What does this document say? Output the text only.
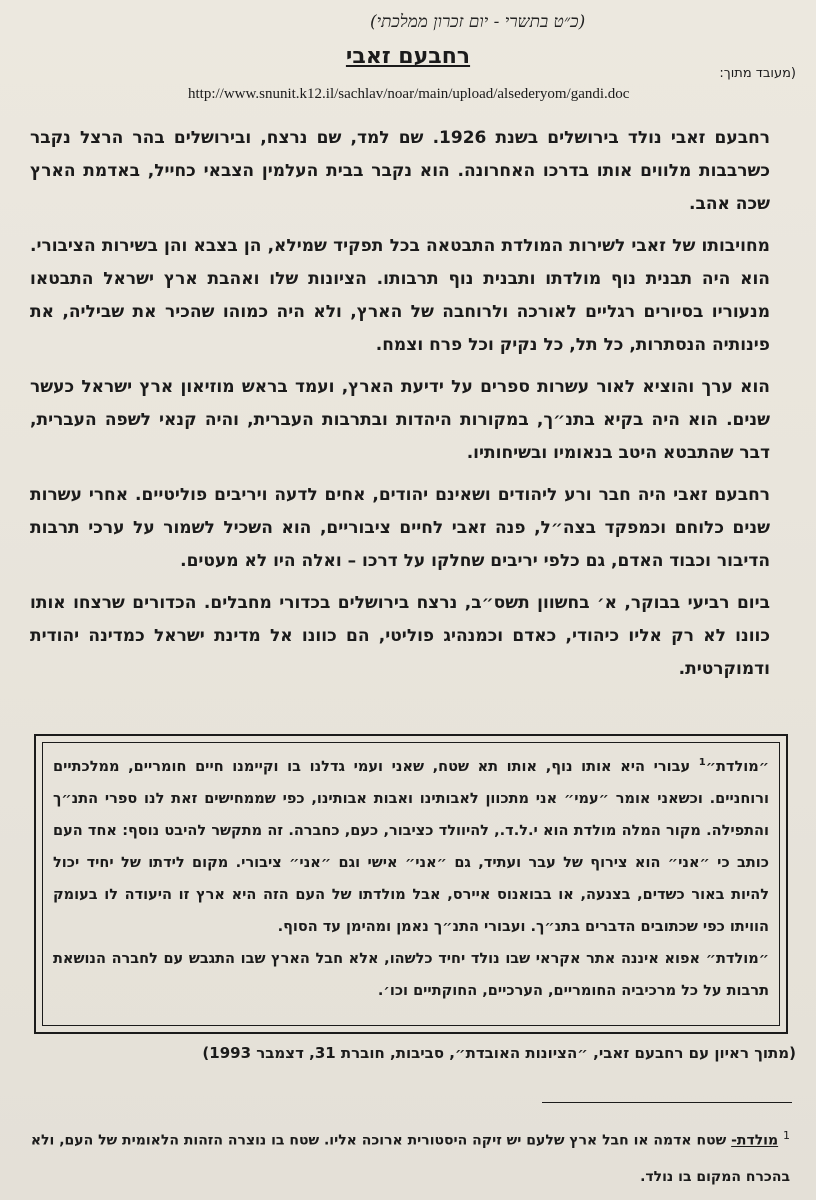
(כ״ט בתשרי - יום זכרון ממלכתי)
רחבעם זאבי
(מעובד מתוך:
http://www.snunit.k12.il/sachlav/noar/main/upload/alsederyom/gandi.doc

רחבעם זאבי נולד בירושלים בשנת 1926. שם למד, שם נרצח, ובירושלים בהר הרצל נקבר כשרבבות מלווים אותו בדרכו האחרונה. הוא נקבר בבית העלמין הצבאי כחייל, באדמת הארץ שכה אהב.

מחויבותו של זאבי לשירות המולדת התבטאה בכל תפקיד שמילא, הן בצבא והן בשירות הציבורי. הוא היה תבנית נוף מולדתו ותבנית נוף תרבותו. הציונות שלו ואהבת ארץ ישראל התבטאו מנעוריו בסיורים רגליים לאורכה ולרוחבה של הארץ, ולא היה כמוהו שהכיר את שביליה, את פינותיה הנסתרות, כל תל, כל נקיק וכל פרח וצמח.

הוא ערך והוציא לאור עשרות ספרים על ידיעת הארץ, ועמד בראש מוזיאון ארץ ישראל כעשר שנים. הוא היה בקיא בתנ״ך, במקורות היהדות ובתרבות העברית, והיה קנאי לשפה העברית, דבר שהתבטא היטב בנאומיו ובשיחותיו.

רחבעם זאבי היה חבר ורע ליהודים ושאינם יהודים, אחים לדעה ויריבים פוליטיים. אחרי עשרות שנים כלוחם וכמפקד בצה״ל, פנה זאבי לחיים ציבוריים, הוא השכיל לשמור על ערכי תרבות הדיבור וכבוד האדם, גם כלפי יריבים שחלקו על דרכו – ואלה היו לא מעטים.

ביום רביעי בבוקר, א׳ בחשוון תשס״ב, נרצח בירושלים בכדורי מחבלים. הכדורים שרצחו אותו כוונו לא רק אליו כיהודי, כאדם וכמנהיג פוליטי, הם כוונו אל מדינת ישראל כמדינה יהודית ודמוקרטית.

״מולדת״$^1$ עבורי היא אותו נוף, אותו תא שטח, שאני ועמי גדלנו בו וקיימנו חיים חומריים, ממלכתיים ורוחניים. וכשאני אומר ״עמי״ אני מתכוון לאבותינו ואבות אבותינו, כפי שממחישים זאת לנו ספרי התנ״ך והתפילה. מקור המלה מולדת הוא י.ל.ד., להיוולד כציבור, כעם, כחברה. זה מתקשר להיבט נוסף: אחד העם כותב כי ״אני״ הוא צירוף של עבר ועתיד, גם ״אני״ אישי וגם ״אני״ ציבורי. מקום לידתו של יחיד יכול להיות באור כשדים, בצנעה, או בבואנוס איירס, אבל מולדתו של העם הזה היא ארץ זו היעודה לו בעומק הוויתו כפי שכתובים הדברים בתנ״ך. ועבורי התנ״ך נאמן ומהימן עד הסוף.

״מולדת״ אפוא איננה אתר אקראי שבו נולד יחיד כלשהו, אלא חבל הארץ שבו התגבש עם לחברה הנושאת תרבות על כל מרכיביה החומריים, הערכיים, החוקתיים וכו׳.

(מתוך ראיון עם רחבעם זאבי, ״הציונות האובדת״, סביבות, חוברת 31, דצמבר 1993)
$^1$ מולדת- שטח אדמה או חבל ארץ שלעם יש זיקה היסטורית ארוכה אליו. שטח בו נוצרה הזהות הלאומית של העם, ולא בהכרח המקום בו נולד.
